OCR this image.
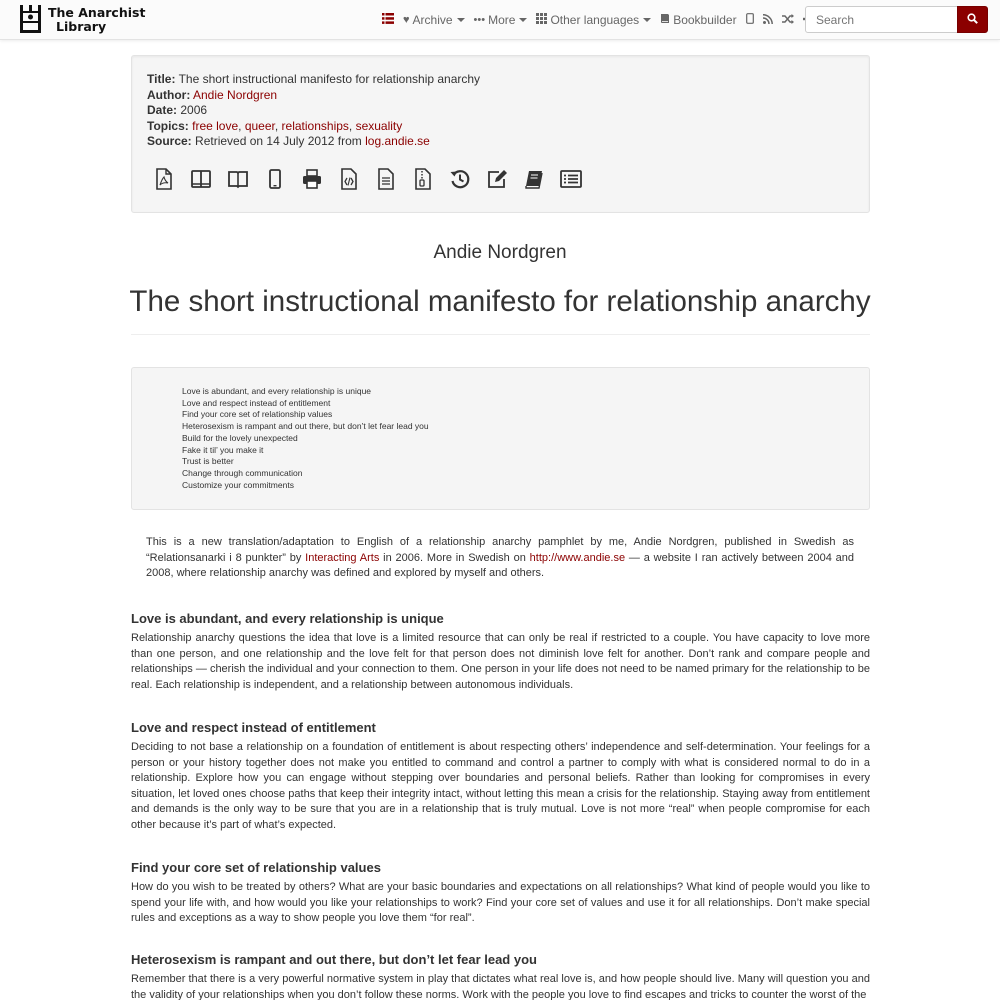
The Anarchist
Library	♥ Archive ••• More	Other languages	Bookbuilder
Search
Title: The short instructional manifesto for relationship anarchy
Author: Andie Nordgren
Date: 2006
Topics: free love, queer, relationships, sexuality
Source: Retrieved on 14 July 2012 from log.andie.se
Andie Nordgren
The short instructional manifesto for relationship anarchy
Love is abundant, and every relationship is unique
Love and respect instead of entitlement
Find your core set of relationship values
Heterosexism is rampant and out there, but don’t let fear lead you
Build for the lovely unexpected
Fake it til’ you make it
Trust is better
Change through communication
Customize your commitments

This is a new translation/adaptation to English of a relationship anarchy pamphlet by me, Andie Nordgren, published in Swedish as “Relationsanarki i 8 punkter” by Interacting Arts in 2006. More in Swedish on http://www.andie.se — a website I ran actively between 2004 and 2008, where relationship anarchy was defined and explored by myself and others.

Love is abundant, and every relationship is unique

Relationship anarchy questions the idea that love is a limited resource that can only be real if restricted to a couple. You have capacity to love more than one person, and one relationship and the love felt for that person does not diminish love felt for another. Don’t rank and compare people and relationships — cherish the individual and your connection to them. One person in your life does not need to be named primary for the relationship to be real. Each relationship is independent, and a relationship between autonomous individuals.

Love and respect instead of entitlement

Deciding to not base a relationship on a foundation of entitlement is about respecting others’ independence and self-determination. Your feelings for a person or your history together does not make you entitled to command and control a partner to comply with what is considered normal to do in a relationship. Explore how you can engage without stepping over boundaries and personal beliefs. Rather than looking for compromises in every situation, let loved ones choose paths that keep their integrity intact, without letting this mean a crisis for the relationship. Staying away from entitlement and demands is the only way to be sure that you are in a relationship that is truly mutual. Love is not more “real” when people compromise for each other because it’s part of what’s expected.

Find your core set of relationship values

How do you wish to be treated by others? What are your basic boundaries and expectations on all relationships? What kind of people would you like to spend your life with, and how would you like your relationships to work? Find your core set of values and use it for all relationships. Don’t make special rules and exceptions as a way to show people you love them “for real”.

Heterosexism is rampant and out there, but don’t let fear lead you

Remember that there is a very powerful normative system in play that dictates what real love is, and how people should live. Many will question you and the validity of your relationships when you don’t follow these norms. Work with the people you love to find escapes and tricks to counter the worst of the
